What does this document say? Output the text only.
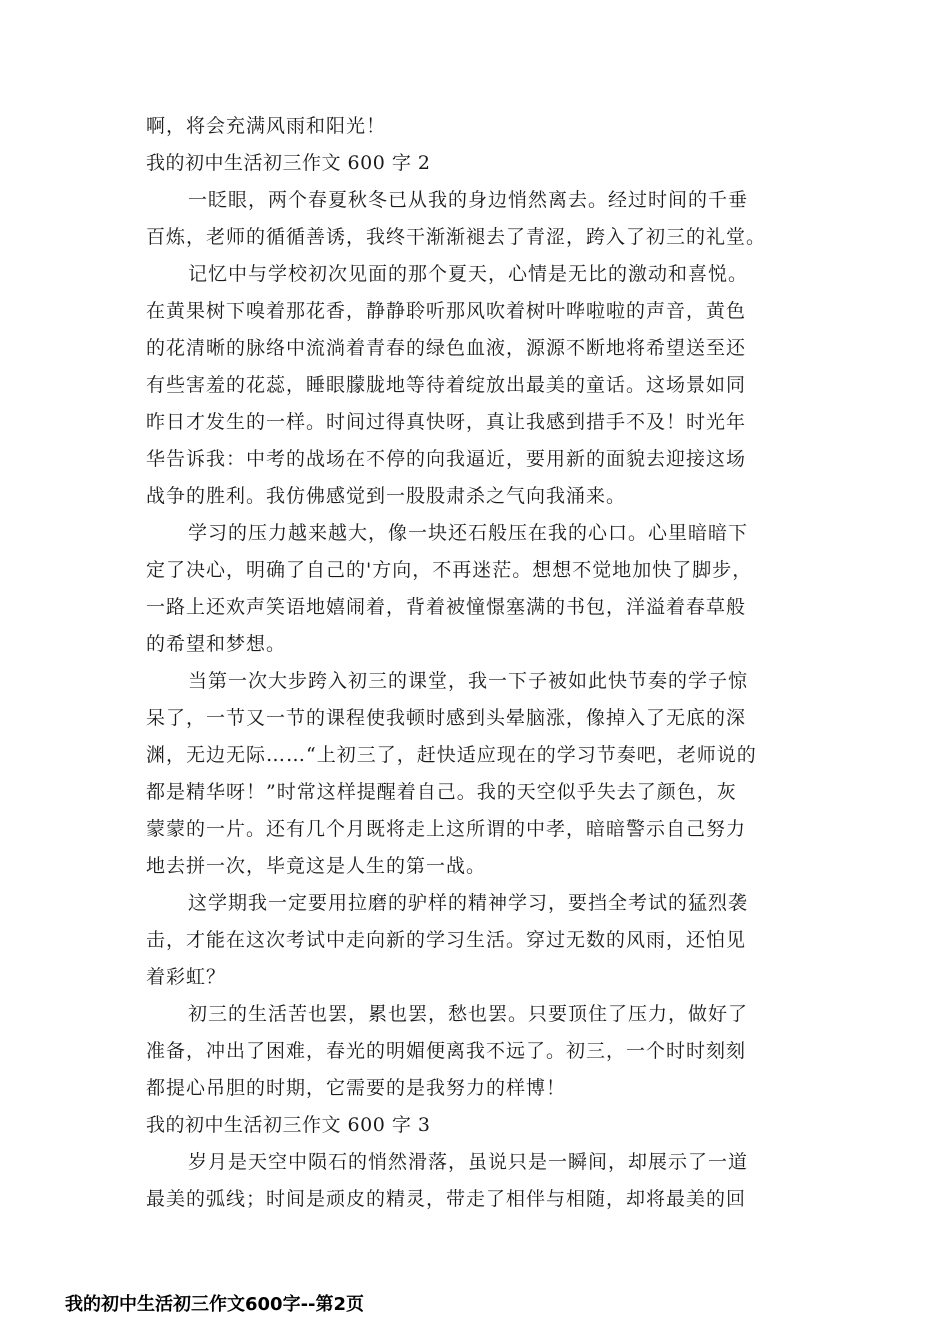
啊，将会充满风雨和阳光！
我的初中生活初三作文 600 字 2
一眨眼，两个春夏秋冬已从我的身边悄然离去。经过时间的千垂
百炼，老师的循循善诱，我终干渐渐褪去了青涩，跨入了初三的礼堂。
记忆中与学校初次见面的那个夏天，心情是无比的激动和喜悦。
在黄果树下嗅着那花香，静静聆听那风吹着树叶哗啦啦的声音，黄色
的花清晰的脉络中流淌着青春的绿色血液，源源不断地将希望送至还
有些害羞的花蕊，睡眼朦胧地等待着绽放出最美的童话。这场景如同
昨日才发生的一样。时间过得真快呀，真让我感到措手不及！时光年
华告诉我：中考的战场在不停的向我逼近，要用新的面貌去迎接这场
战争的胜利。我仿佛感觉到一股股肃杀之气向我涌来。
学习的压力越来越大，像一块还石般压在我的心口。心里暗暗下
定了决心，明确了自己的'方向，不再迷茫。想想不觉地加快了脚步，
一路上还欢声笑语地嬉闹着，背着被憧憬塞满的书包，洋溢着春草般
的希望和梦想。
当第一次大步跨入初三的课堂，我一下子被如此快节奏的学子惊
呆了，一节又一节的课程使我顿时感到头晕脑涨，像掉入了无底的深
渊，无边无际……“上初三了，赶快适应现在的学习节奏吧，老师说的
都是精华呀！”时常这样提醒着自己。我的天空似乎失去了颜色，灰
蒙蒙的一片。还有几个月既将走上这所谓的中孝，暗暗警示自己努力
地去拼一次，毕竟这是人生的第一战。
这学期我一定要用拉磨的驴样的精神学习，要挡全考试的猛烈袭
击，才能在这次考试中走向新的学习生活。穿过无数的风雨，还怕见
着彩虹？
初三的生活苦也罢，累也罢，愁也罢。只要顶住了压力，做好了
准备，冲出了困难，春光的明媚便离我不远了。初三，一个时时刻刻
都提心吊胆的时期，它需要的是我努力的样博！
我的初中生活初三作文 600 字 3
岁月是天空中陨石的悄然滑落，虽说只是一瞬间，却展示了一道
最美的弧线；时间是顽皮的精灵，带走了相伴与相随，却将最美的回
我的初中生活初三作文600字--第2页
